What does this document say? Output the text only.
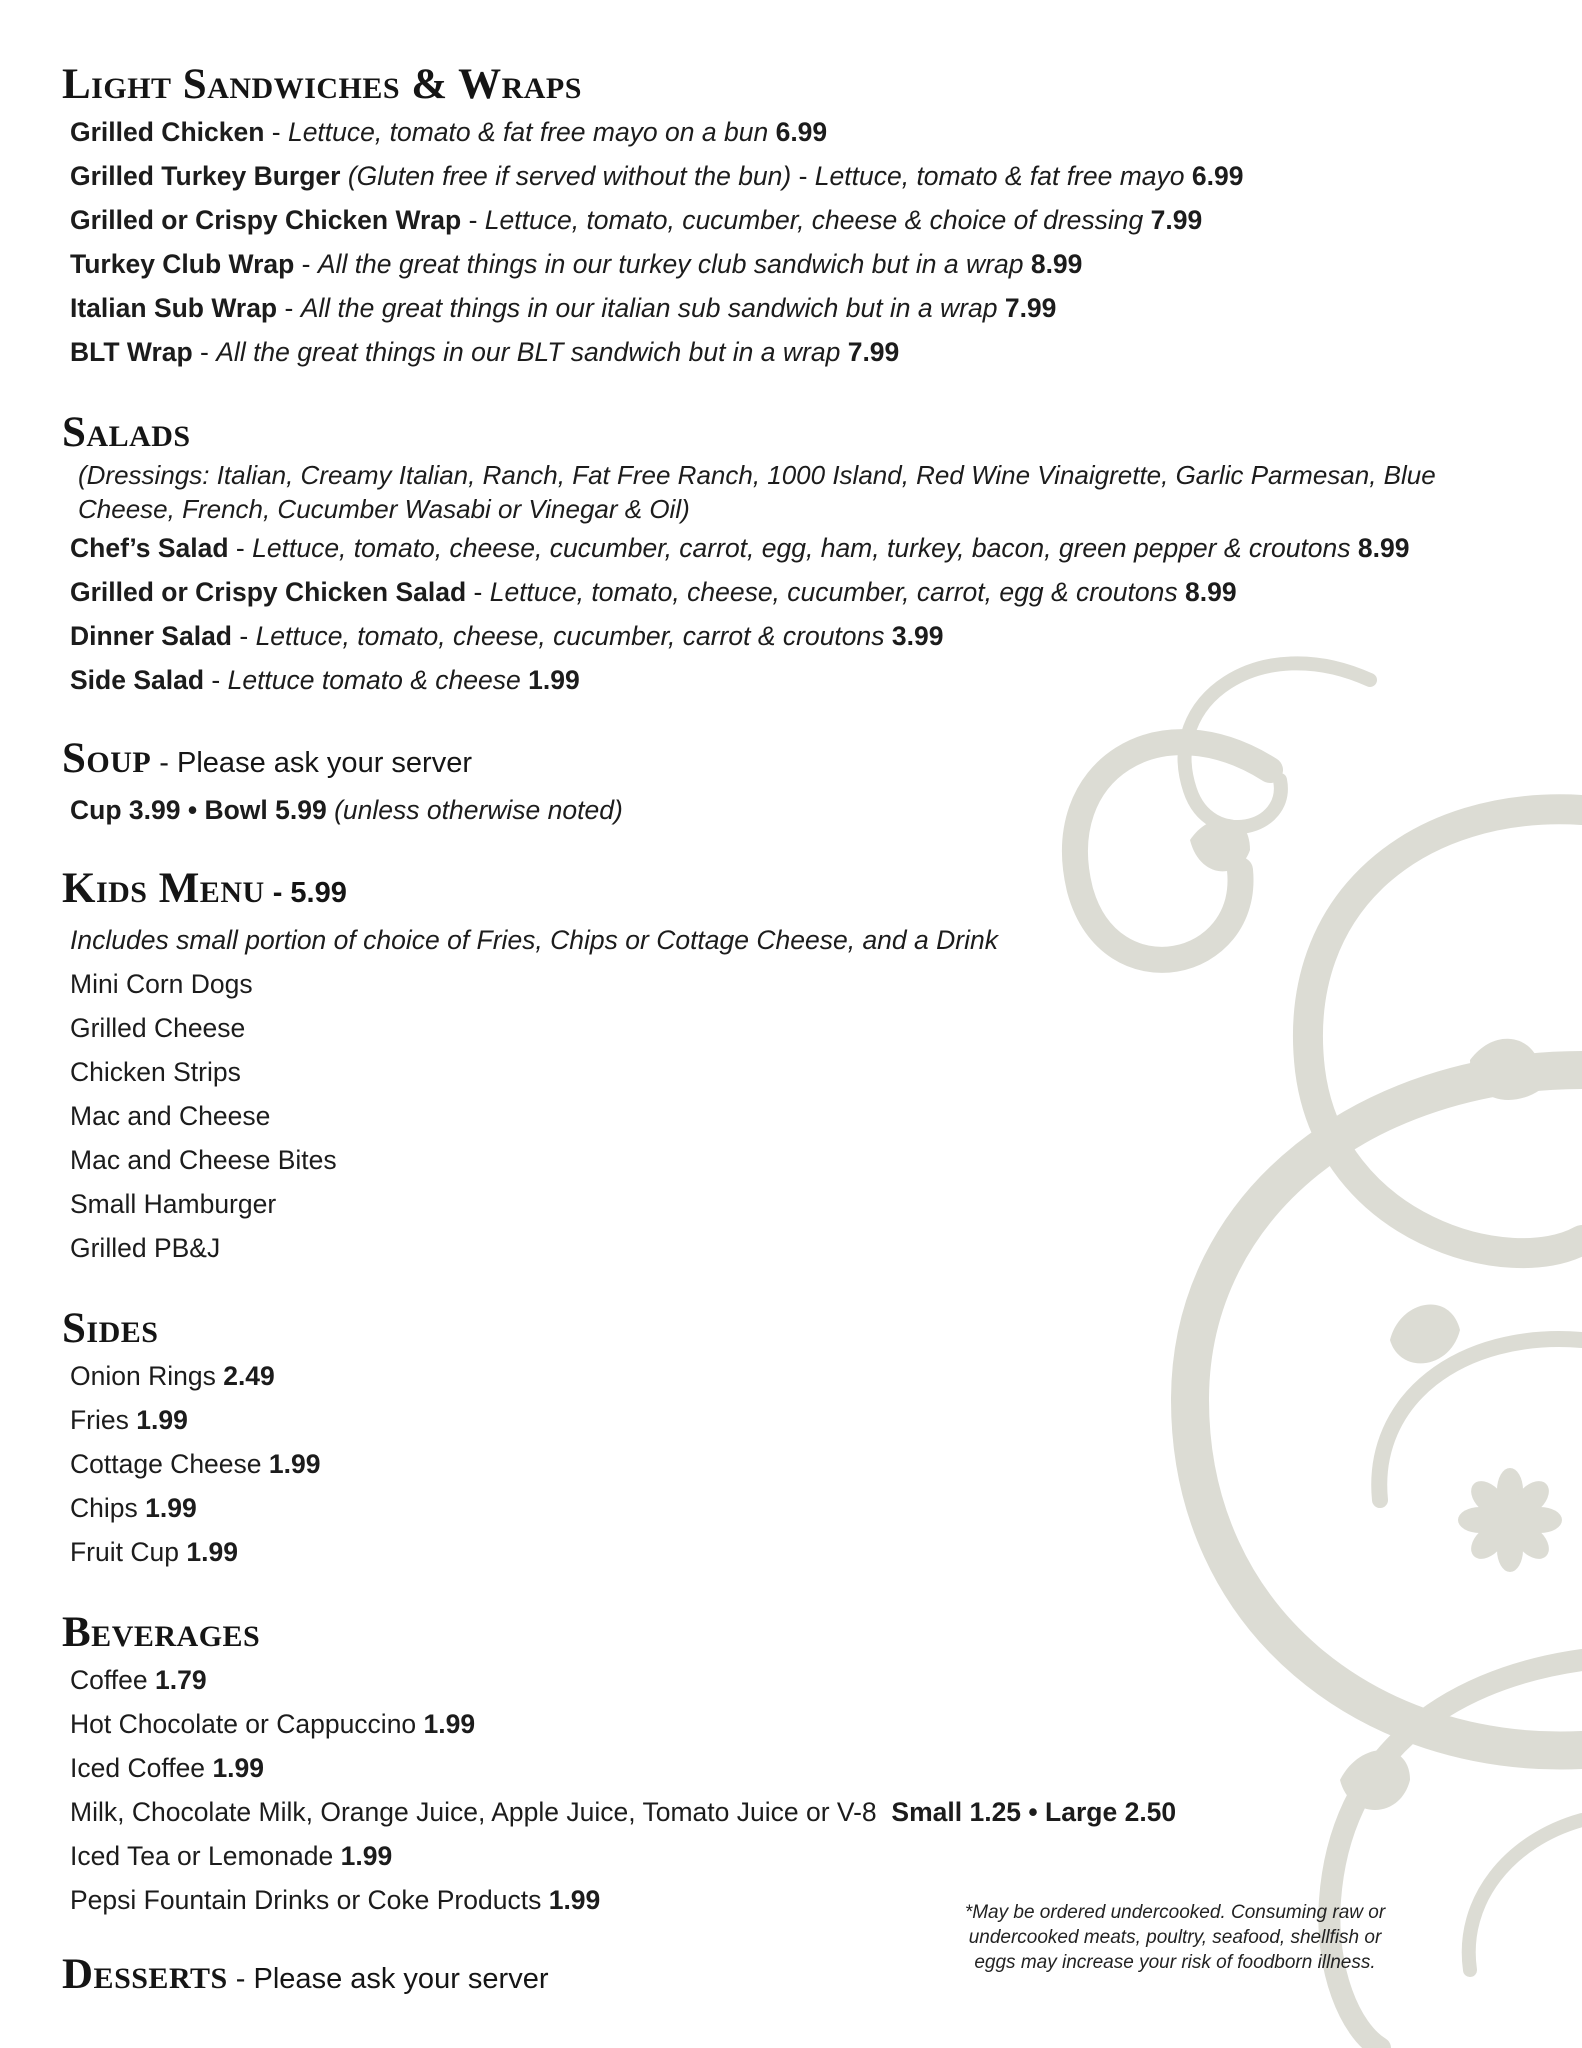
Light Sandwiches & Wraps
Grilled Chicken - Lettuce, tomato & fat free mayo on a bun 6.99
Grilled Turkey Burger (Gluten free if served without the bun) - Lettuce, tomato & fat free mayo 6.99
Grilled or Crispy Chicken Wrap - Lettuce, tomato, cucumber, cheese & choice of dressing 7.99
Turkey Club Wrap - All the great things in our turkey club sandwich but in a wrap 8.99
Italian Sub Wrap - All the great things in our italian sub sandwich but in a wrap 7.99
BLT Wrap - All the great things in our BLT sandwich but in a wrap 7.99
Salads
(Dressings: Italian, Creamy Italian, Ranch, Fat Free Ranch, 1000 Island, Red Wine Vinaigrette, Garlic Parmesan, Blue Cheese, French, Cucumber Wasabi or Vinegar & Oil)
Chef’s Salad - Lettuce, tomato, cheese, cucumber, carrot, egg, ham, turkey, bacon, green pepper & croutons 8.99
Grilled or Crispy Chicken Salad - Lettuce, tomato, cheese, cucumber, carrot, egg & croutons 8.99
Dinner Salad - Lettuce, tomato, cheese, cucumber, carrot & croutons 3.99
Side Salad - Lettuce tomato & cheese 1.99
Soup - Please ask your server
Cup 3.99 • Bowl 5.99 (unless otherwise noted)
Kids Menu - 5.99
Includes small portion of choice of Fries, Chips or Cottage Cheese, and a Drink
Mini Corn Dogs
Grilled Cheese
Chicken Strips
Mac and Cheese
Mac and Cheese Bites
Small Hamburger
Grilled PB&J
Sides
Onion Rings 2.49
Fries 1.99
Cottage Cheese 1.99
Chips 1.99
Fruit Cup 1.99
Beverages
Coffee 1.79
Hot Chocolate or Cappuccino 1.99
Iced Coffee 1.99
Milk, Chocolate Milk, Orange Juice, Apple Juice, Tomato Juice or V-8 Small 1.25 • Large 2.50
Iced Tea or Lemonade 1.99
Pepsi Fountain Drinks or Coke Products 1.99
Desserts - Please ask your server
*May be ordered undercooked. Consuming raw or
undercooked meats, poultry, seafood, shellfish or
eggs may increase your risk of foodborn illness.
